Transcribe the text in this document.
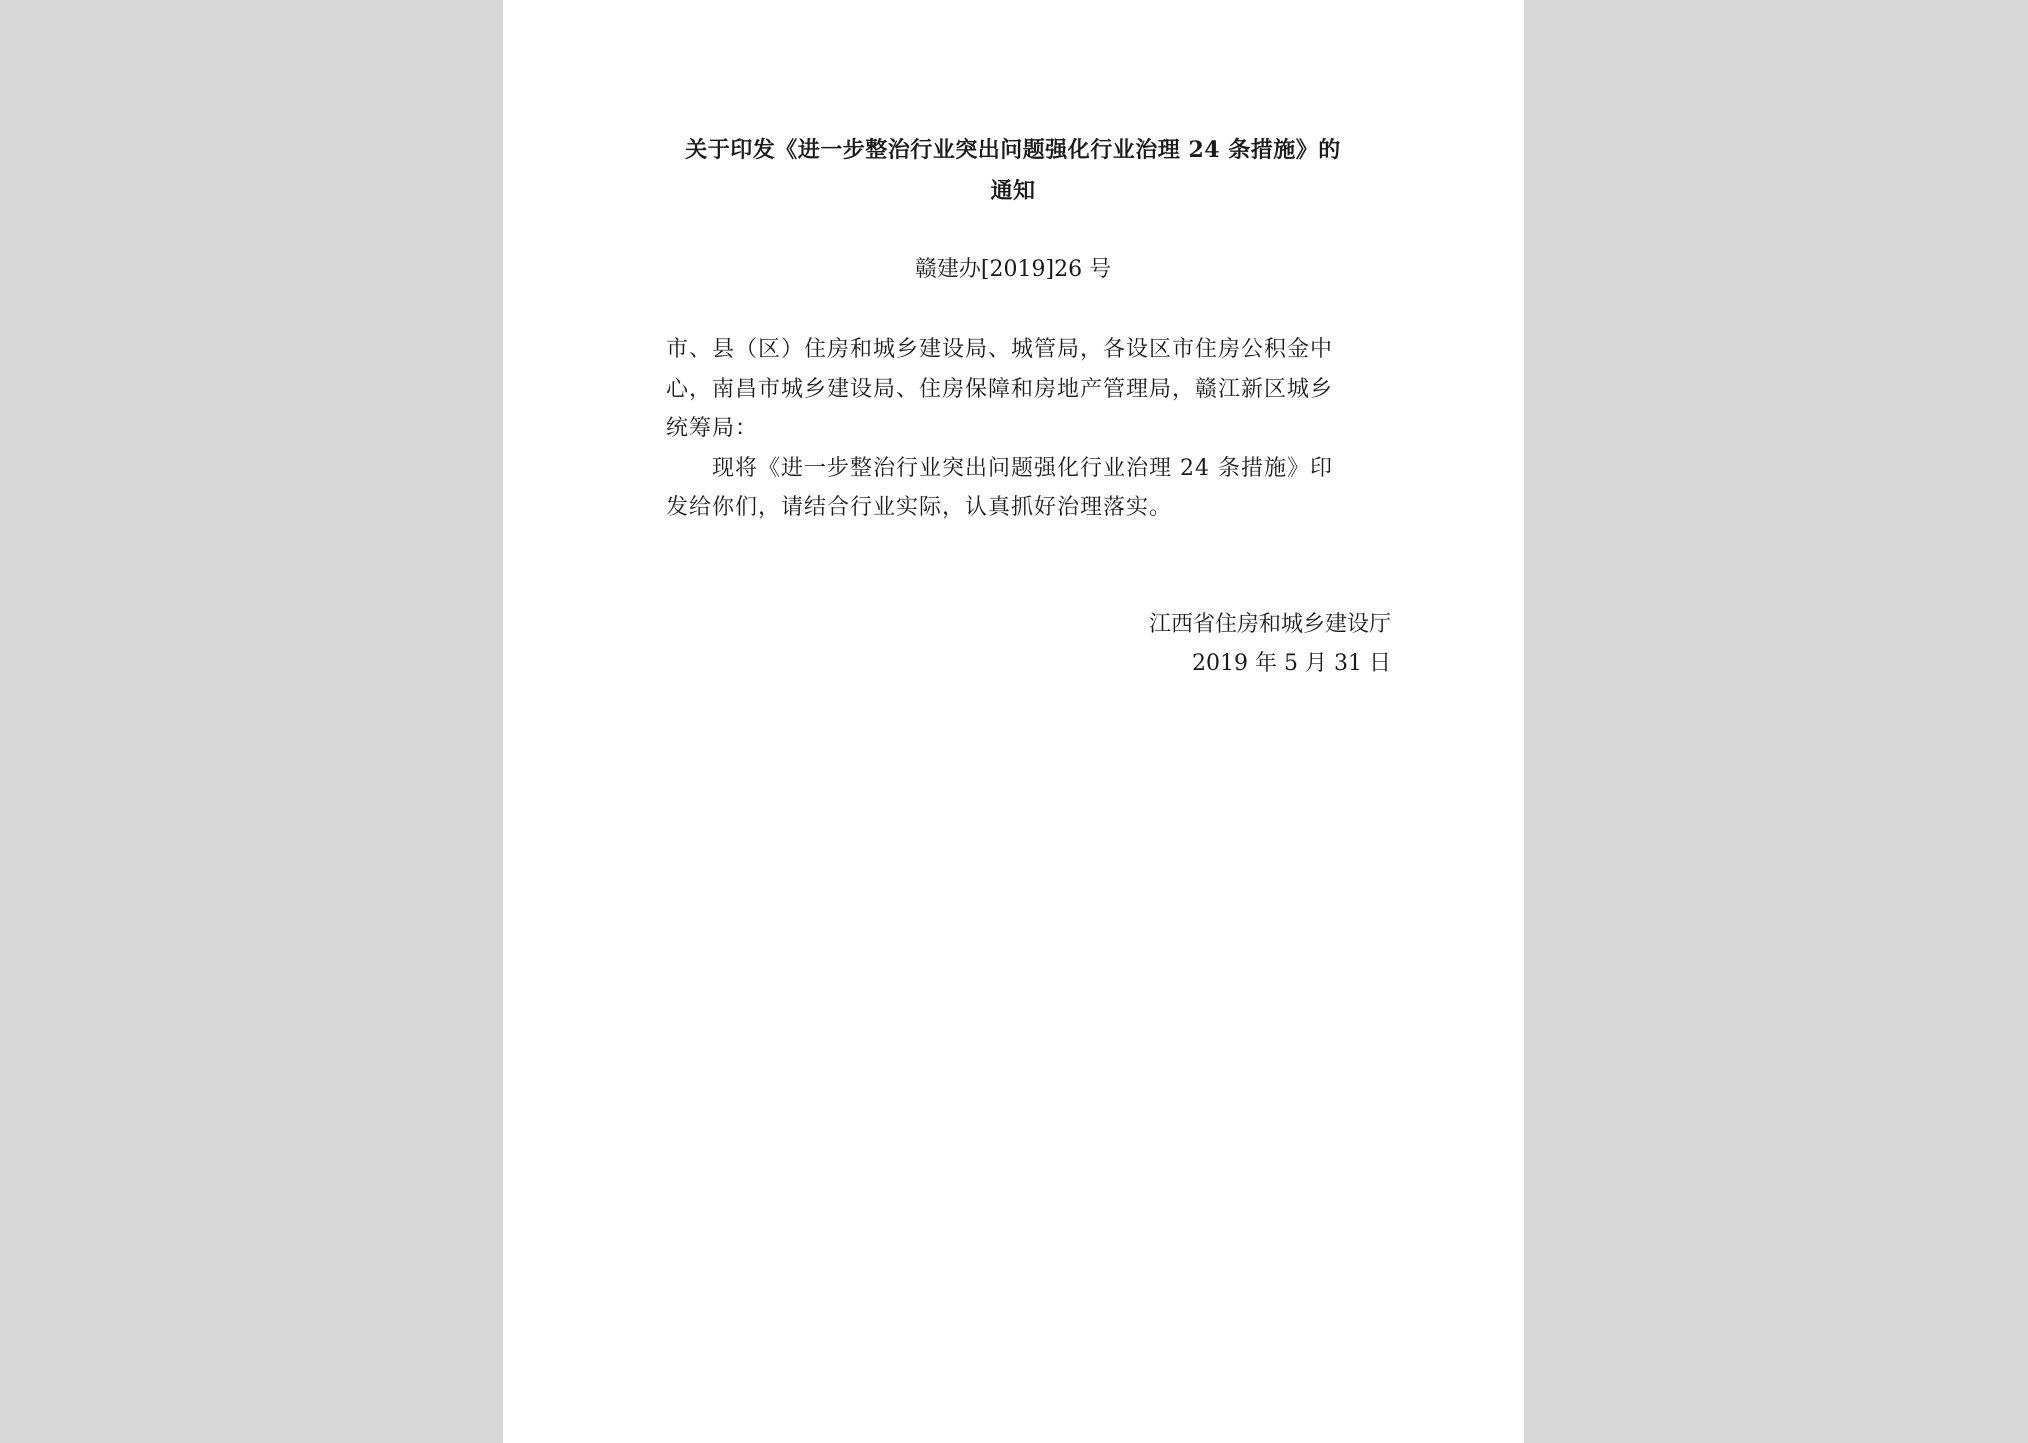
关于印发《进一步整治行业突出问题强化行业治理 24 条措施》的
通知
赣建办[2019]26 号
市、县（区）住房和城乡建设局、城管局，各设区市住房公积金中
心，南昌市城乡建设局、住房保障和房地产管理局，赣江新区城乡
统筹局：
现将《进一步整治行业突出问题强化行业治理 24 条措施》印
发给你们，请结合行业实际，认真抓好治理落实。
江西省住房和城乡建设厅
2019 年 5 月 31 日
